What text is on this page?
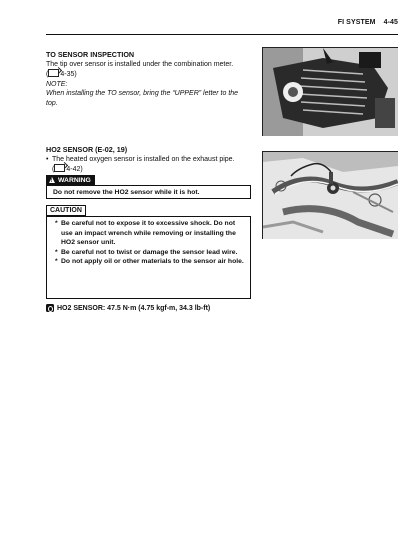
FI SYSTEM 4-45
TO SENSOR INSPECTION
The tip over sensor is installed under the combination meter.
( 4-35)
NOTE:
When installing the TO sensor, bring the “UPPER” letter to the top.
HO2 SENSOR (E-02, 19)
• The heated oxygen sensor is installed on the exhaust pipe.
( 4-42)
!
WARNING
Do not remove the HO2 sensor while it is hot.
CAUTION
* Be careful not to expose it to excessive shock. Do not use an impact wrench while removing or installing the HO2 sensor unit.
* Be careful not to twist or damage the sensor lead wire.
* Do not apply oil or other materials to the sensor air hole.
HO2 SENSOR: 47.5 N·m (4.75 kgf-m, 34.3 lb-ft)
